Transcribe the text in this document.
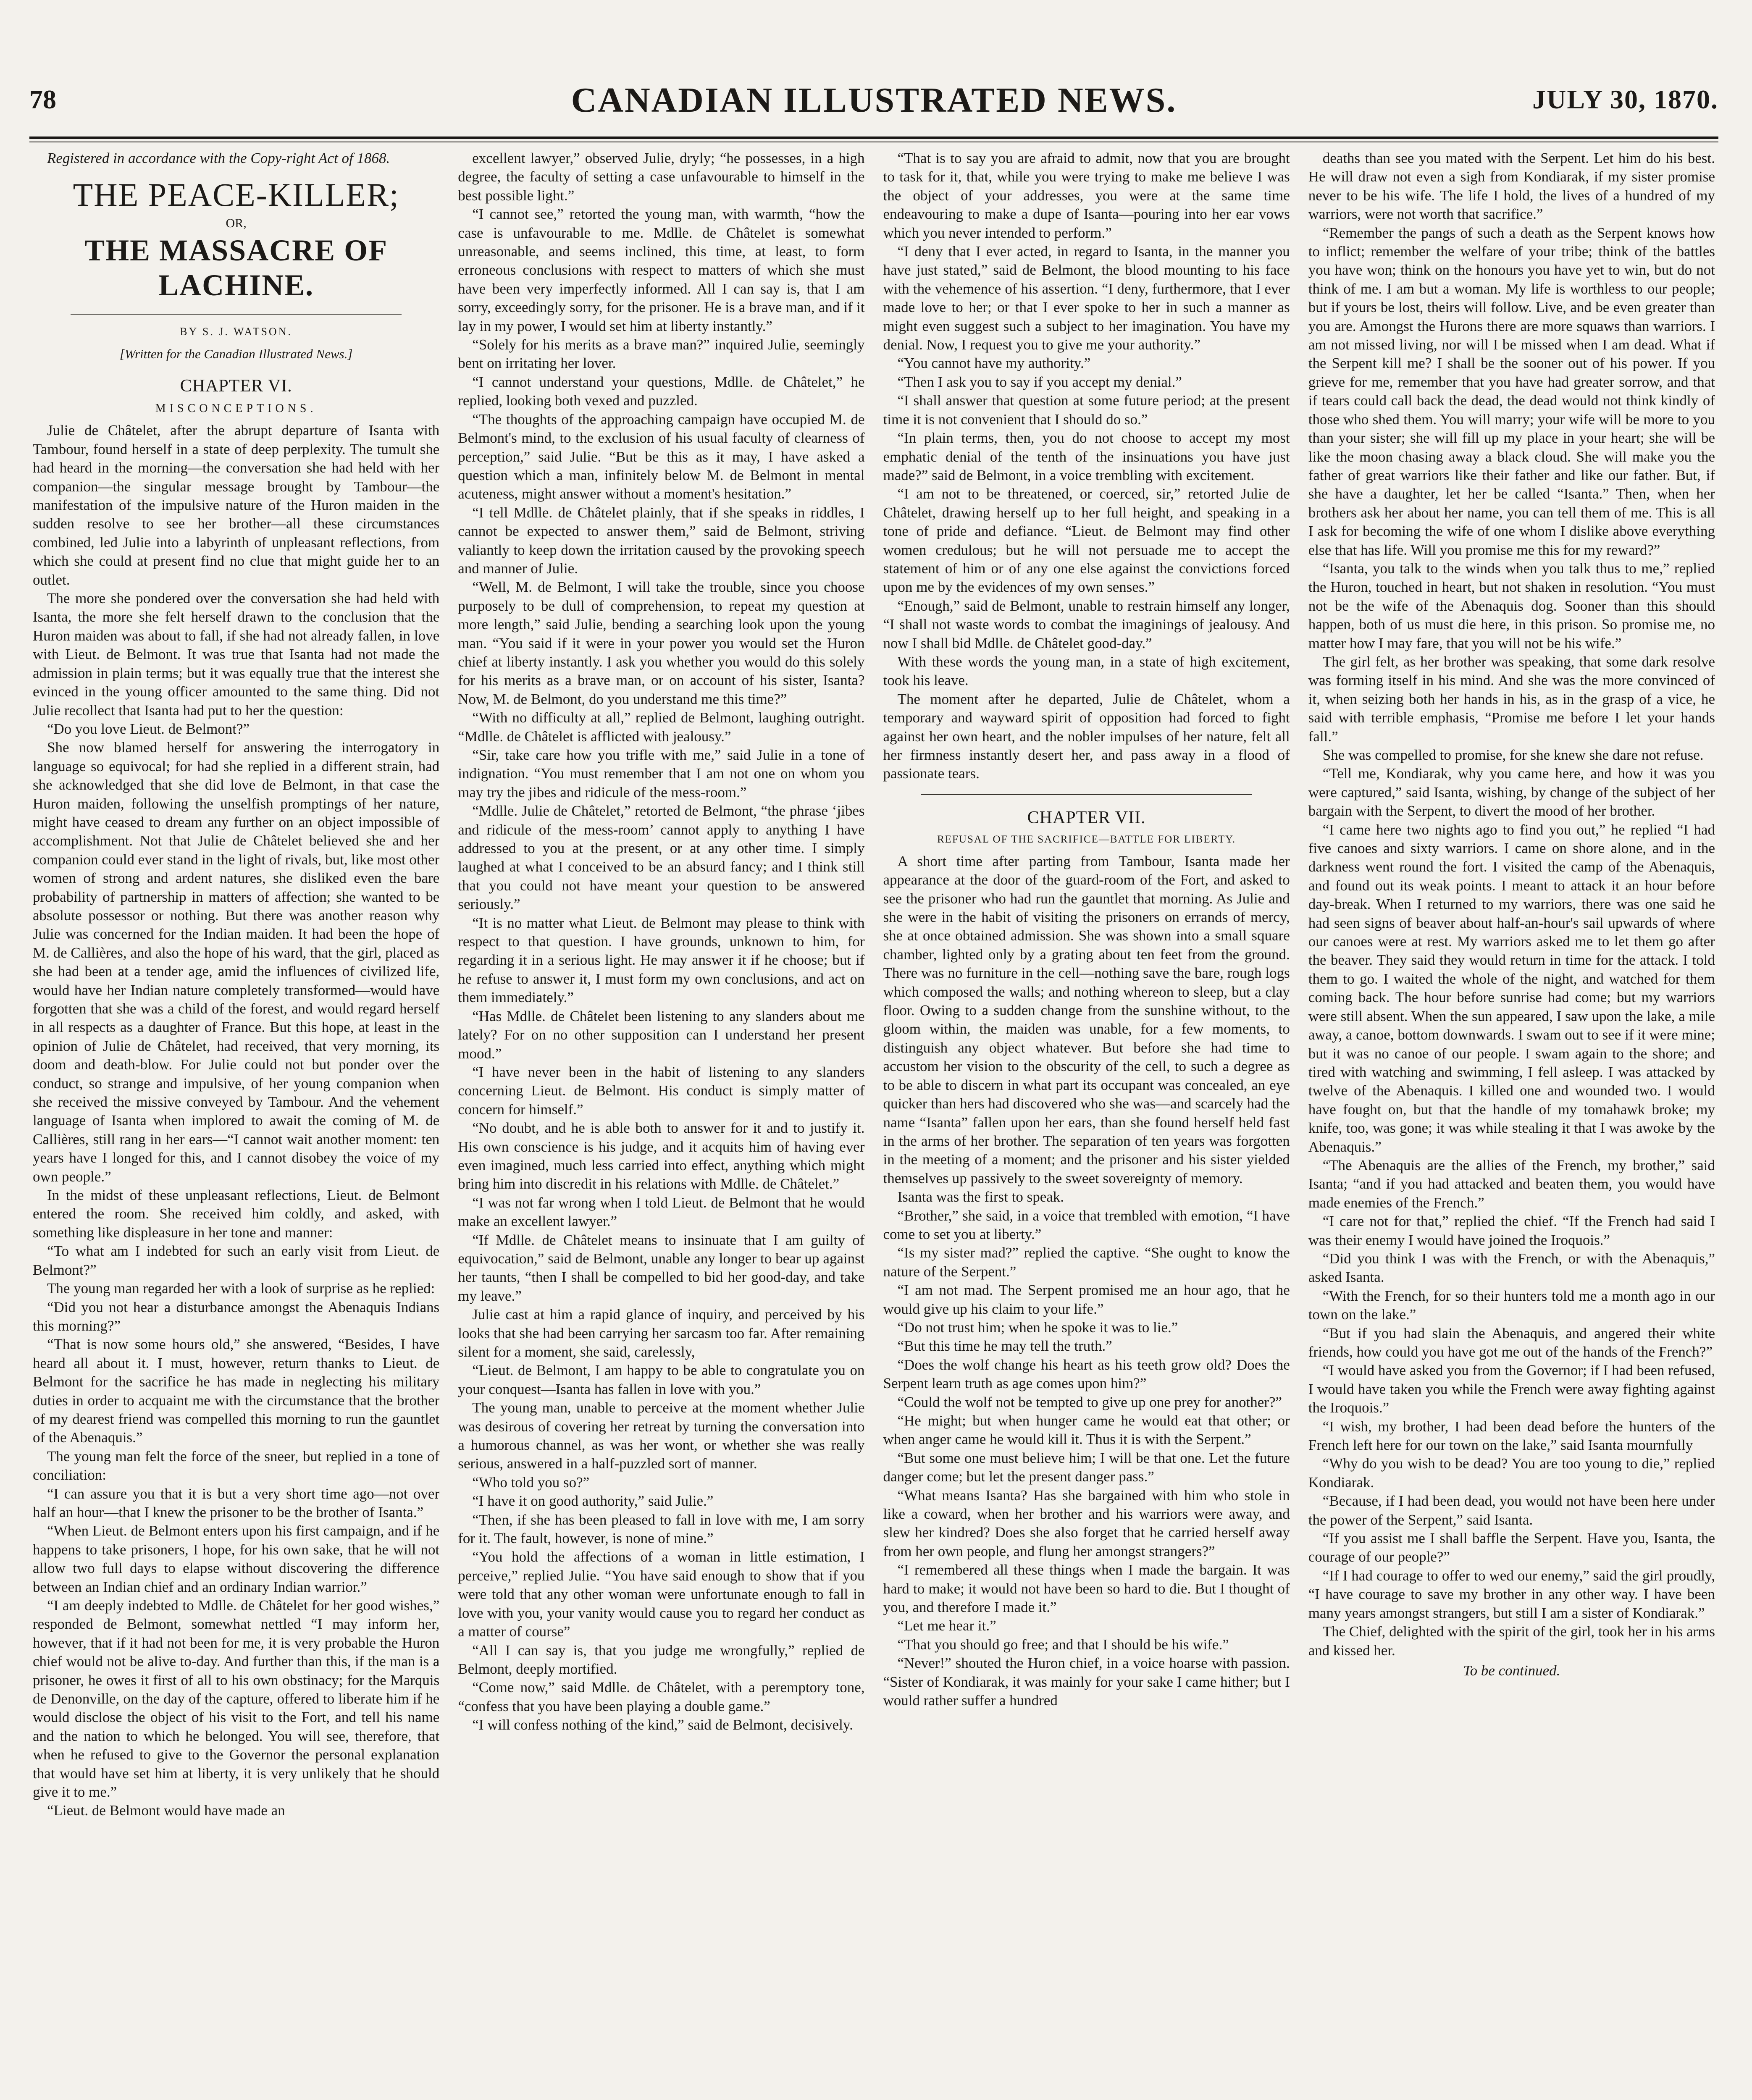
78	CANADIAN ILLUSTRATED NEWS.	JULY 30, 1870.

Registered in accordance with the Copy-right Act of 1868.

THE PEACE-KILLER;
OR,
THE MASSACRE OF LACHINE.
BY S. J. WATSON.
[Written for the Canadian Illustrated News.]
CHAPTER VI.
MISCONCEPTIONS.

Julie de Châtelet, after the abrupt departure of Isanta with Tambour, found herself in a state of deep perplexity. The tumult she had heard in the morning—the conversation she had held with her companion—the singular message brought by Tambour—the manifestation of the impulsive nature of the Huron maiden in the sudden resolve to see her brother—all these circumstances combined, led Julie into a labyrinth of unpleasant reflections, from which she could at present find no clue that might guide her to an outlet.

The more she pondered over the conversation she had held with Isanta, the more she felt herself drawn to the conclusion that the Huron maiden was about to fall, if she had not already fallen, in love with Lieut. de Belmont. It was true that Isanta had not made the admission in plain terms; but it was equally true that the interest she evinced in the young officer amounted to the same thing. Did not Julie recollect that Isanta had put to her the question:

“Do you love Lieut. de Belmont?”

She now blamed herself for answering the interrogatory in language so equivocal; for had she replied in a different strain, had she acknowledged that she did love de Belmont, in that case the Huron maiden, following the unselfish promptings of her nature, might have ceased to dream any further on an object impossible of accomplishment. Not that Julie de Châtelet believed she and her companion could ever stand in the light of rivals, but, like most other women of strong and ardent natures, she disliked even the bare probability of partnership in matters of affection; she wanted to be absolute possessor or nothing. But there was another reason why Julie was concerned for the Indian maiden. It had been the hope of M. de Callières, and also the hope of his ward, that the girl, placed as she had been at a tender age, amid the influences of civilized life, would have her Indian nature completely transformed—would have forgotten that she was a child of the forest, and would regard herself in all respects as a daughter of France. But this hope, at least in the opinion of Julie de Châtelet, had received, that very morning, its doom and death-blow. For Julie could not but ponder over the conduct, so strange and impulsive, of her young companion when she received the missive conveyed by Tambour. And the vehement language of Isanta when implored to await the coming of M. de Callières, still rang in her ears—“I cannot wait another moment: ten years have I longed for this, and I cannot disobey the voice of my own people.”

In the midst of these unpleasant reflections, Lieut. de Belmont entered the room. She received him coldly, and asked, with something like displeasure in her tone and manner:

“To what am I indebted for such an early visit from Lieut. de Belmont?”

The young man regarded her with a look of surprise as he replied:

“Did you not hear a disturbance amongst the Abenaquis Indians this morning?”

“That is now some hours old,” she answered, “Besides, I have heard all about it. I must, however, return thanks to Lieut. de Belmont for the sacrifice he has made in neglecting his military duties in order to acquaint me with the circumstance that the brother of my dearest friend was compelled this morning to run the gauntlet of the Abenaquis.”

The young man felt the force of the sneer, but replied in a tone of conciliation:

“I can assure you that it is but a very short time ago—not over half an hour—that I knew the prisoner to be the brother of Isanta.”

“When Lieut. de Belmont enters upon his first campaign, and if he happens to take prisoners, I hope, for his own sake, that he will not allow two full days to elapse without discovering the difference between an Indian chief and an ordinary Indian warrior.”

“I am deeply indebted to Mdlle. de Châtelet for her good wishes,” responded de Belmont, somewhat nettled “I may inform her, however, that if it had not been for me, it is very probable the Huron chief would not be alive to-day. And further than this, if the man is a prisoner, he owes it first of all to his own obstinacy; for the Marquis de Denonville, on the day of the capture, offered to liberate him if he would disclose the object of his visit to the Fort, and tell his name and the nation to which he belonged. You will see, therefore, that when he refused to give to the Governor the personal explanation that would have set him at liberty, it is very unlikely that he should give it to me.”

“Lieut. de Belmont would have made an

excellent lawyer,” observed Julie, dryly; “he possesses, in a high degree, the faculty of setting a case unfavourable to himself in the best possible light.”

“I cannot see,” retorted the young man, with warmth, “how the case is unfavourable to me. Mdlle. de Châtelet is somewhat unreasonable, and seems inclined, this time, at least, to form erroneous conclusions with respect to matters of which she must have been very imperfectly informed. All I can say is, that I am sorry, exceedingly sorry, for the prisoner. He is a brave man, and if it lay in my power, I would set him at liberty instantly.”

“Solely for his merits as a brave man?” inquired Julie, seemingly bent on irritating her lover.

“I cannot understand your questions, Mdlle. de Châtelet,” he replied, looking both vexed and puzzled.

“The thoughts of the approaching campaign have occupied M. de Belmont's mind, to the exclusion of his usual faculty of clearness of perception,” said Julie. “But be this as it may, I have asked a question which a man, infinitely below M. de Belmont in mental acuteness, might answer without a moment's hesitation.”

“I tell Mdlle. de Châtelet plainly, that if she speaks in riddles, I cannot be expected to answer them,” said de Belmont, striving valiantly to keep down the irritation caused by the provoking speech and manner of Julie.

“Well, M. de Belmont, I will take the trouble, since you choose purposely to be dull of comprehension, to repeat my question at more length,” said Julie, bending a searching look upon the young man. “You said if it were in your power you would set the Huron chief at liberty instantly. I ask you whether you would do this solely for his merits as a brave man, or on account of his sister, Isanta? Now, M. de Belmont, do you understand me this time?”

“With no difficulty at all,” replied de Belmont, laughing outright. “Mdlle. de Châtelet is afflicted with jealousy.”

“Sir, take care how you trifle with me,” said Julie in a tone of indignation. “You must remember that I am not one on whom you may try the jibes and ridicule of the mess-room.”

“Mdlle. Julie de Châtelet,” retorted de Belmont, “the phrase ‘jibes and ridicule of the mess-room’ cannot apply to anything I have addressed to you at the present, or at any other time. I simply laughed at what I conceived to be an absurd fancy; and I think still that you could not have meant your question to be answered seriously.”

“It is no matter what Lieut. de Belmont may please to think with respect to that question. I have grounds, unknown to him, for regarding it in a serious light. He may answer it if he choose; but if he refuse to answer it, I must form my own conclusions, and act on them immediately.”

“Has Mdlle. de Châtelet been listening to any slanders about me lately? For on no other supposition can I understand her present mood.”

“I have never been in the habit of listening to any slanders concerning Lieut. de Belmont. His conduct is simply matter of concern for himself.”

“No doubt, and he is able both to answer for it and to justify it. His own conscience is his judge, and it acquits him of having ever even imagined, much less carried into effect, anything which might bring him into discredit in his relations with Mdlle. de Châtelet.”

“I was not far wrong when I told Lieut. de Belmont that he would make an excellent lawyer.”

“If Mdlle. de Châtelet means to insinuate that I am guilty of equivocation,” said de Belmont, unable any longer to bear up against her taunts, “then I shall be compelled to bid her good-day, and take my leave.”

Julie cast at him a rapid glance of inquiry, and perceived by his looks that she had been carrying her sarcasm too far. After remaining silent for a moment, she said, carelessly,

“Lieut. de Belmont, I am happy to be able to congratulate you on your conquest—Isanta has fallen in love with you.”

The young man, unable to perceive at the moment whether Julie was desirous of covering her retreat by turning the conversation into a humorous channel, as was her wont, or whether she was really serious, answered in a half-puzzled sort of manner.

“Who told you so?”

“I have it on good authority,” said Julie.”

“Then, if she has been pleased to fall in love with me, I am sorry for it. The fault, however, is none of mine.”

“You hold the affections of a woman in little estimation, I perceive,” replied Julie. “You have said enough to show that if you were told that any other woman were unfortunate enough to fall in love with you, your vanity would cause you to regard her conduct as a matter of course”

“All I can say is, that you judge me wrongfully,” replied de Belmont, deeply mortified.

“Come now,” said Mdlle. de Châtelet, with a peremptory tone, “confess that you have been playing a double game.”

“I will confess nothing of the kind,” said de Belmont, decisively.

“That is to say you are afraid to admit, now that you are brought to task for it, that, while you were trying to make me believe I was the object of your addresses, you were at the same time endeavouring to make a dupe of Isanta—pouring into her ear vows which you never intended to perform.”

“I deny that I ever acted, in regard to Isanta, in the manner you have just stated,” said de Belmont, the blood mounting to his face with the vehemence of his assertion. “I deny, furthermore, that I ever made love to her; or that I ever spoke to her in such a manner as might even suggest such a subject to her imagination. You have my denial. Now, I request you to give me your authority.”

“You cannot have my authority.”

“Then I ask you to say if you accept my denial.”

“I shall answer that question at some future period; at the present time it is not convenient that I should do so.”

“In plain terms, then, you do not choose to accept my most emphatic denial of the tenth of the insinuations you have just made?” said de Belmont, in a voice trembling with excitement.

“I am not to be threatened, or coerced, sir,” retorted Julie de Châtelet, drawing herself up to her full height, and speaking in a tone of pride and defiance. “Lieut. de Belmont may find other women credulous; but he will not persuade me to accept the statement of him or of any one else against the convictions forced upon me by the evidences of my own senses.”

“Enough,” said de Belmont, unable to restrain himself any longer, “I shall not waste words to combat the imaginings of jealousy. And now I shall bid Mdlle. de Châtelet good-day.”

With these words the young man, in a state of high excitement, took his leave.

The moment after he departed, Julie de Châtelet, whom a temporary and wayward spirit of opposition had forced to fight against her own heart, and the nobler impulses of her nature, felt all her firmness instantly desert her, and pass away in a flood of passionate tears.

CHAPTER VII.
REFUSAL OF THE SACRIFICE—BATTLE FOR LIBERTY.

A short time after parting from Tambour, Isanta made her appearance at the door of the guard-room of the Fort, and asked to see the prisoner who had run the gauntlet that morning. As Julie and she were in the habit of visiting the prisoners on errands of mercy, she at once obtained admission. She was shown into a small square chamber, lighted only by a grating about ten feet from the ground. There was no furniture in the cell—nothing save the bare, rough logs which composed the walls; and nothing whereon to sleep, but a clay floor. Owing to a sudden change from the sunshine without, to the gloom within, the maiden was unable, for a few moments, to distinguish any object whatever. But before she had time to accustom her vision to the obscurity of the cell, to such a degree as to be able to discern in what part its occupant was concealed, an eye quicker than hers had discovered who she was—and scarcely had the name “Isanta” fallen upon her ears, than she found herself held fast in the arms of her brother. The separation of ten years was forgotten in the meeting of a moment; and the prisoner and his sister yielded themselves up passively to the sweet sovereignty of memory.

Isanta was the first to speak.

“Brother,” she said, in a voice that trembled with emotion, “I have come to set you at liberty.”

“Is my sister mad?” replied the captive. “She ought to know the nature of the Serpent.”

“I am not mad. The Serpent promised me an hour ago, that he would give up his claim to your life.”

“Do not trust him; when he spoke it was to lie.”

“But this time he may tell the truth.”

“Does the wolf change his heart as his teeth grow old? Does the Serpent learn truth as age comes upon him?”

“Could the wolf not be tempted to give up one prey for another?”

“He might; but when hunger came he would eat that other; or when anger came he would kill it. Thus it is with the Serpent.”

“But some one must believe him; I will be that one. Let the future danger come; but let the present danger pass.”

“What means Isanta? Has she bargained with him who stole in like a coward, when her brother and his warriors were away, and slew her kindred? Does she also forget that he carried herself away from her own people, and flung her amongst strangers?”

“I remembered all these things when I made the bargain. It was hard to make; it would not have been so hard to die. But I thought of you, and therefore I made it.”

“Let me hear it.”

“That you should go free; and that I should be his wife.”

“Never!” shouted the Huron chief, in a voice hoarse with passion. “Sister of Kondiarak, it was mainly for your sake I came hither; but I would rather suffer a hundred

deaths than see you mated with the Serpent. Let him do his best. He will draw not even a sigh from Kondiarak, if my sister promise never to be his wife. The life I hold, the lives of a hundred of my warriors, were not worth that sacrifice.”

“Remember the pangs of such a death as the Serpent knows how to inflict; remember the welfare of your tribe; think of the battles you have won; think on the honours you have yet to win, but do not think of me. I am but a woman. My life is worthless to our people; but if yours be lost, theirs will follow. Live, and be even greater than you are. Amongst the Hurons there are more squaws than warriors. I am not missed living, nor will I be missed when I am dead. What if the Serpent kill me? I shall be the sooner out of his power. If you grieve for me, remember that you have had greater sorrow, and that if tears could call back the dead, the dead would not think kindly of those who shed them. You will marry; your wife will be more to you than your sister; she will fill up my place in your heart; she will be like the moon chasing away a black cloud. She will make you the father of great warriors like their father and like our father. But, if she have a daughter, let her be called “Isanta.” Then, when her brothers ask her about her name, you can tell them of me. This is all I ask for becoming the wife of one whom I dislike above everything else that has life. Will you promise me this for my reward?”

“Isanta, you talk to the winds when you talk thus to me,” replied the Huron, touched in heart, but not shaken in resolution. “You must not be the wife of the Abenaquis dog. Sooner than this should happen, both of us must die here, in this prison. So promise me, no matter how I may fare, that you will not be his wife.”

The girl felt, as her brother was speaking, that some dark resolve was forming itself in his mind. And she was the more convinced of it, when seizing both her hands in his, as in the grasp of a vice, he said with terrible emphasis, “Promise me before I let your hands fall.”

She was compelled to promise, for she knew she dare not refuse.

“Tell me, Kondiarak, why you came here, and how it was you were captured,” said Isanta, wishing, by change of the subject of her bargain with the Serpent, to divert the mood of her brother.

“I came here two nights ago to find you out,” he replied “I had five canoes and sixty warriors. I came on shore alone, and in the darkness went round the fort. I visited the camp of the Abenaquis, and found out its weak points. I meant to attack it an hour before day-break. When I returned to my warriors, there was one said he had seen signs of beaver about half-an-hour's sail upwards of where our canoes were at rest. My warriors asked me to let them go after the beaver. They said they would return in time for the attack. I told them to go. I waited the whole of the night, and watched for them coming back. The hour before sunrise had come; but my warriors were still absent. When the sun appeared, I saw upon the lake, a mile away, a canoe, bottom downwards. I swam out to see if it were mine; but it was no canoe of our people. I swam again to the shore; and tired with watching and swimming, I fell asleep. I was attacked by twelve of the Abenaquis. I killed one and wounded two. I would have fought on, but that the handle of my tomahawk broke; my knife, too, was gone; it was while stealing it that I was awoke by the Abenaquis.”

“The Abenaquis are the allies of the French, my brother,” said Isanta; “and if you had attacked and beaten them, you would have made enemies of the French.”

“I care not for that,” replied the chief. “If the French had said I was their enemy I would have joined the Iroquois.”

“Did you think I was with the French, or with the Abenaquis,” asked Isanta.

“With the French, for so their hunters told me a month ago in our town on the lake.”

“But if you had slain the Abenaquis, and angered their white friends, how could you have got me out of the hands of the French?”

“I would have asked you from the Governor; if I had been refused, I would have taken you while the French were away fighting against the Iroquois.”

“I wish, my brother, I had been dead before the hunters of the French left here for our town on the lake,” said Isanta mournfully

“Why do you wish to be dead? You are too young to die,” replied Kondiarak.

“Because, if I had been dead, you would not have been here under the power of the Serpent,” said Isanta.

“If you assist me I shall baffle the Serpent. Have you, Isanta, the courage of our people?”

“If I had courage to offer to wed our enemy,” said the girl proudly, “I have courage to save my brother in any other way. I have been many years amongst strangers, but still I am a sister of Kondiarak.”

The Chief, delighted with the spirit of the girl, took her in his arms and kissed her.

To be continued.
